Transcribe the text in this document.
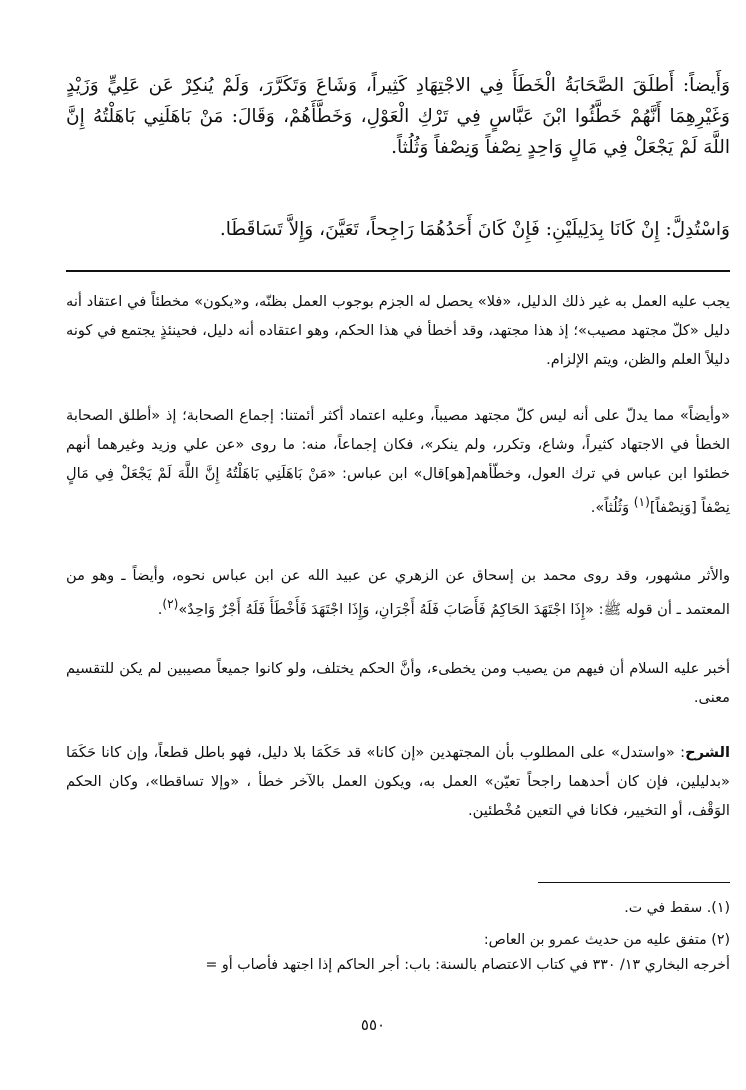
وَأَيضاً: أَطلَقَ الصَّحَابَةُ الْخَطَأَ فِي الاجْتِهَادِ كَثِيراً، وَشَاعَ وَتَكَرَّرَ، وَلَمْ يُنكِرْ عَن عَلِيٍّ وَزَيْدٍ وَغَيْرِهِمَا أَنَّهُمْ خَطَّئُوا ابْنَ عَبَّاسٍ فِي تَرْكِ الْعَوْلِ، وَخَطَّأَهُمْ، وَقَالَ: مَنْ بَاهَلَنِي بَاهَلْتُهُ إِنَّ اللَّهَ لَمْ يَجْعَلْ فِي مَالٍ وَاحِدٍ نِصْفاً وَنِصْفاً وَثُلُثاً.
وَاسْتُدِلَّ: إِنْ كَانَا بِدَلِيلَيْنِ: فَإِنْ كَانَ أَحَدُهُمَا رَاجِحاً، تَعَيَّنَ، وَإِلاَّ تَسَاقَطَا.
يجب عليه العمل به غير ذلك الدليل، «فلا» يحصل له الجزم بوجوب العمل بظنّه، و«يكون» مخطئاً في اعتقاد أنه دليل «كلّ مجتهد مصيب»؛ إذ هذا مجتهد، وقد أخطأ في هذا الحكم، وهو اعتقاده أنه دليل، فحينئذٍ يجتمع في كونه دليلاً العلم والظن، ويتم الإلزام.
«وأيضاً» مما يدلّ على أنه ليس كلّ مجتهد مصيباً، وعليه اعتماد أكثر أئمتنا: إجماع الصحابة؛ إذ «أطلق الصحابة الخطأ في الاجتهاد كثيراً، وشاع، وتكرر، ولم ينكر»، فكان إجماعاً، منه: ما روى «عن علي وزيد وغيرهما أنهم خطئوا ابن عباس في ترك العول، وخطّأهم[هو]قال» ابن عباس: «مَنْ بَاهَلَنِي بَاهَلْتُهُ إِنَّ اللَّهَ لَمْ يَجْعَلْ فِي مَالٍ نِصْفاً [وَنِصْفاً]$^{(١)}$ وَثُلُثاً».
والأثر مشهور، وقد روى محمد بن إسحاق عن الزهري عن عبيد الله عن ابن عباس نحوه، وأيضاً ـ وهو من المعتمد ـ أن قوله ﷺ: «إِذَا اجْتَهَدَ الحَاكِمُ فَأَصَابَ فَلَهُ أَجْرَانِ، وَإِذَا اجْتَهَدَ فَأَخْطَأَ فَلَهُ أَجْرٌ وَاحِدٌ»$^{(٢)}$.
أخبر عليه السلام أن فيهم من يصيب ومن يخطىء، وأنَّ الحكم يختلف، ولو كانوا جميعاً مصيبين لم يكن للتقسيم معنى.
الشرح: «واستدل» على المطلوب بأن المجتهدين «إن كانا» قد حَكَمَا بلا دليل، فهو باطل قطعاً، وإن كانا حَكَمَا «بدليلين، فإن كان أحدهما راجحاً تعيّن» العمل به، ويكون العمل بالآخر خطأ ، «وإلا تساقطا»، وكان الحكم الوَقْف، أو التخيير، فكانا في التعين مُخْطئين.
(١). سقط في ت.
(٢) متفق عليه من حديث عمرو بن العاص:
أخرجه البخاري ١٣/ ٣٣٠ في كتاب الاعتصام بالسنة: باب: أجر الحاكم إذا اجتهد فأصاب أو =
٥٥٠
